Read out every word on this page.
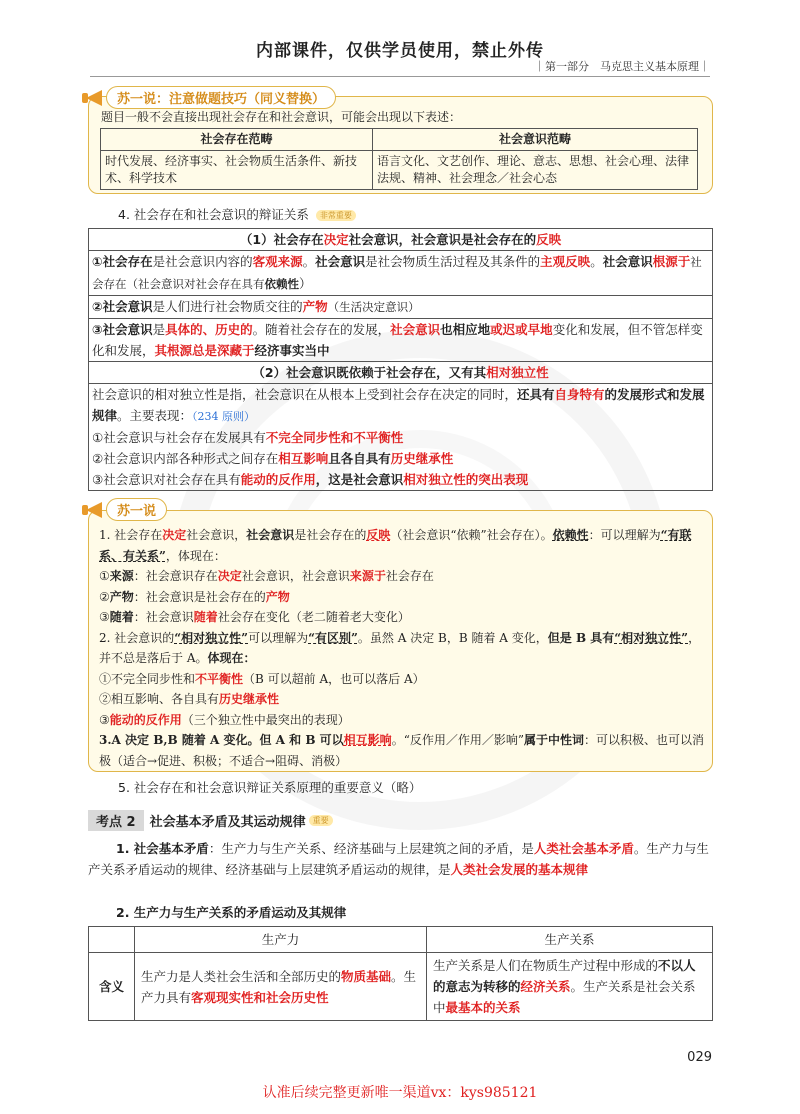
内部课件，仅供学员使用，禁止外传
｜第一部分　马克思主义基本原理｜
题目一般不会直接出现社会存在和社会意识，可能会出现以下表述：
苏一说：注意做题技巧（同义替换）
社会存在范畴	社会意识范畴
时代发展、经济事实、社会物质生活条件、新技术、科学技术	语言文化、文艺创作、理论、意志、思想、社会心理、法律法规、精神、社会理念／社会心态
4. 社会存在和社会意识的辩证关系 非常重要
（1）社会存在决定社会意识，社会意识是社会存在的反映
①社会存在是社会意识内容的客观来源。社会意识是社会物质生活过程及其条件的主观反映。社会意识根源于社会存在（社会意识对社会存在具有依赖性）
②社会意识是人们进行社会物质交往的产物（生活决定意识）
③社会意识是具体的、历史的。随着社会存在的发展，社会意识也相应地或迟或早地变化和发展，但不管怎样变化和发展，其根源总是深藏于经济事实当中
（2）社会意识既依赖于社会存在，又有其相对独立性
社会意识的相对独立性是指，社会意识在从根本上受到社会存在决定的同时，还具有自身特有的发展形式和发展规律。主要表现：（234 原则）
①社会意识与社会存在发展具有不完全同步性和不平衡性
②社会意识内部各种形式之间存在相互影响且各自具有历史继承性
③社会意识对社会存在具有能动的反作用，这是社会意识相对独立性的突出表现
1. 社会存在决定社会意识，社会意识是社会存在的反映（社会意识“依赖”社会存在）。依赖性：可以理解为“有联系、有关系”，体现在：
①来源：社会意识存在决定社会意识，社会意识来源于社会存在
②产物：社会意识是社会存在的产物
③随着：社会意识随着社会存在变化（老二随着老大变化）
2. 社会意识的“相对独立性”可以理解为“有区别”。虽然 A 决定 B，B 随着 A 变化，但是 B 具有“相对独立性”，并不总是落后于 A。体现在：
①不完全同步性和不平衡性（B 可以超前 A，也可以落后 A）
②相互影响、各自具有历史继承性
③能动的反作用（三个独立性中最突出的表现）
3.A 决定 B,B 随着 A 变化。但 A 和 B 可以相互影响。“反作用／作用／影响”属于中性词：可以积极、也可以消极（适合→促进、积极；不适合→阻碍、消极）
苏一说
5. 社会存在和社会意识辩证关系原理的重要意义（略）
考点 2	社会基本矛盾及其运动规律 重要
1. 社会基本矛盾：生产力与生产关系、经济基础与上层建筑之间的矛盾，是人类社会基本矛盾。生产力与生产关系矛盾运动的规律、经济基础与上层建筑矛盾运动的规律，是人类社会发展的基本规律
2. 生产力与生产关系的矛盾运动及其规律
	生产力	生产关系
含义	生产力是人类社会生活和全部历史的物质基础。生产力具有客观现实性和社会历史性	生产关系是人们在物质生产过程中形成的不以人的意志为转移的经济关系。生产关系是社会关系中最基本的关系
029
认准后续完整更新唯一渠道vx：kys985121
